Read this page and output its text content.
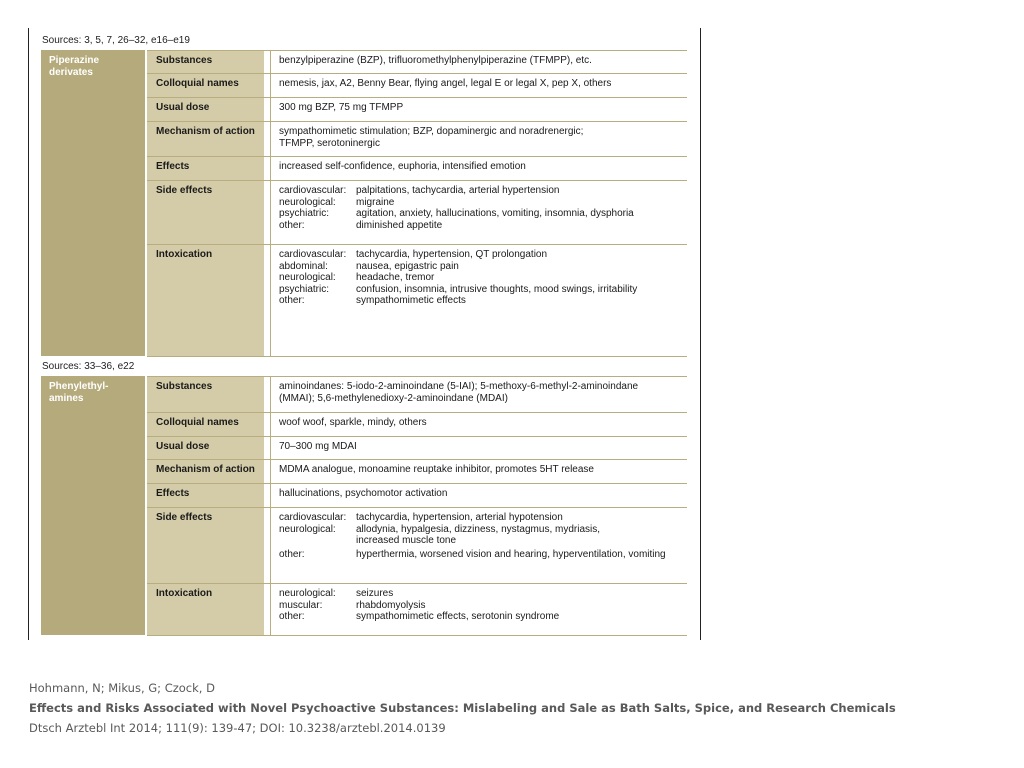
Sources: 3, 5, 7, 26–32, e16–e19
Piperazine derivates
Substances	benzylpiperazine (BZP), trifluoromethylphenylpiperazine (TFMPP), etc.
Colloquial names	nemesis, jax, A2, Benny Bear, flying angel, legal E or legal X, pep X, others
Usual dose	300 mg BZP, 75 mg TFMPP
Mechanism of action	sympathomimetic stimulation; BZP, dopaminergic and noradrenergic;
TFMPP, serotoninergic
Effects	increased self-confidence, euphoria, intensified emotion
Side effects	cardiovascular: palpitations, tachycardia, arterial hypertension
neurological:	migraine
psychiatric:	agitation, anxiety, hallucinations, vomiting, insomnia, dysphoria
other:	diminished appetite
Intoxication	cardiovascular: tachycardia, hypertension, QT prolongation
abdominal:	nausea, epigastric pain
neurological:	headache, tremor
psychiatric:	confusion, insomnia, intrusive thoughts, mood swings, irritability
other:	sympathomimetic effects
Sources: 33–36, e22
Phenylethyl-amines
Substances	aminoindanes: 5-iodo-2-aminoindane (5-IAI); 5-methoxy-6-methyl-2-aminoindane
(MMAI); 5,6-methylenedioxy-2-aminoindane (MDAI)
Colloquial names	woof woof, sparkle, mindy, others
Usual dose	70–300 mg MDAI
Mechanism of action	MDMA analogue, monoamine reuptake inhibitor, promotes 5HT release
Effects	hallucinations, psychomotor activation
Side effects	cardiovascular: tachycardia, hypertension, arterial hypotension
neurological:	allodynia, hypalgesia, dizziness, nystagmus, mydriasis,
increased muscle tone
other:	hyperthermia, worsened vision and hearing, hyperventilation, vomiting
Intoxication	neurological:	seizures
muscular:	rhabdomyolysis
other:	sympathomimetic effects, serotonin syndrome
Hohmann, N; Mikus, G; Czock, D
Effects and Risks Associated with Novel Psychoactive Substances: Mislabeling and Sale as Bath Salts, Spice, and Research Chemicals
Dtsch Arztebl Int 2014; 111(9): 139-47; DOI: 10.3238/arztebl.2014.0139
